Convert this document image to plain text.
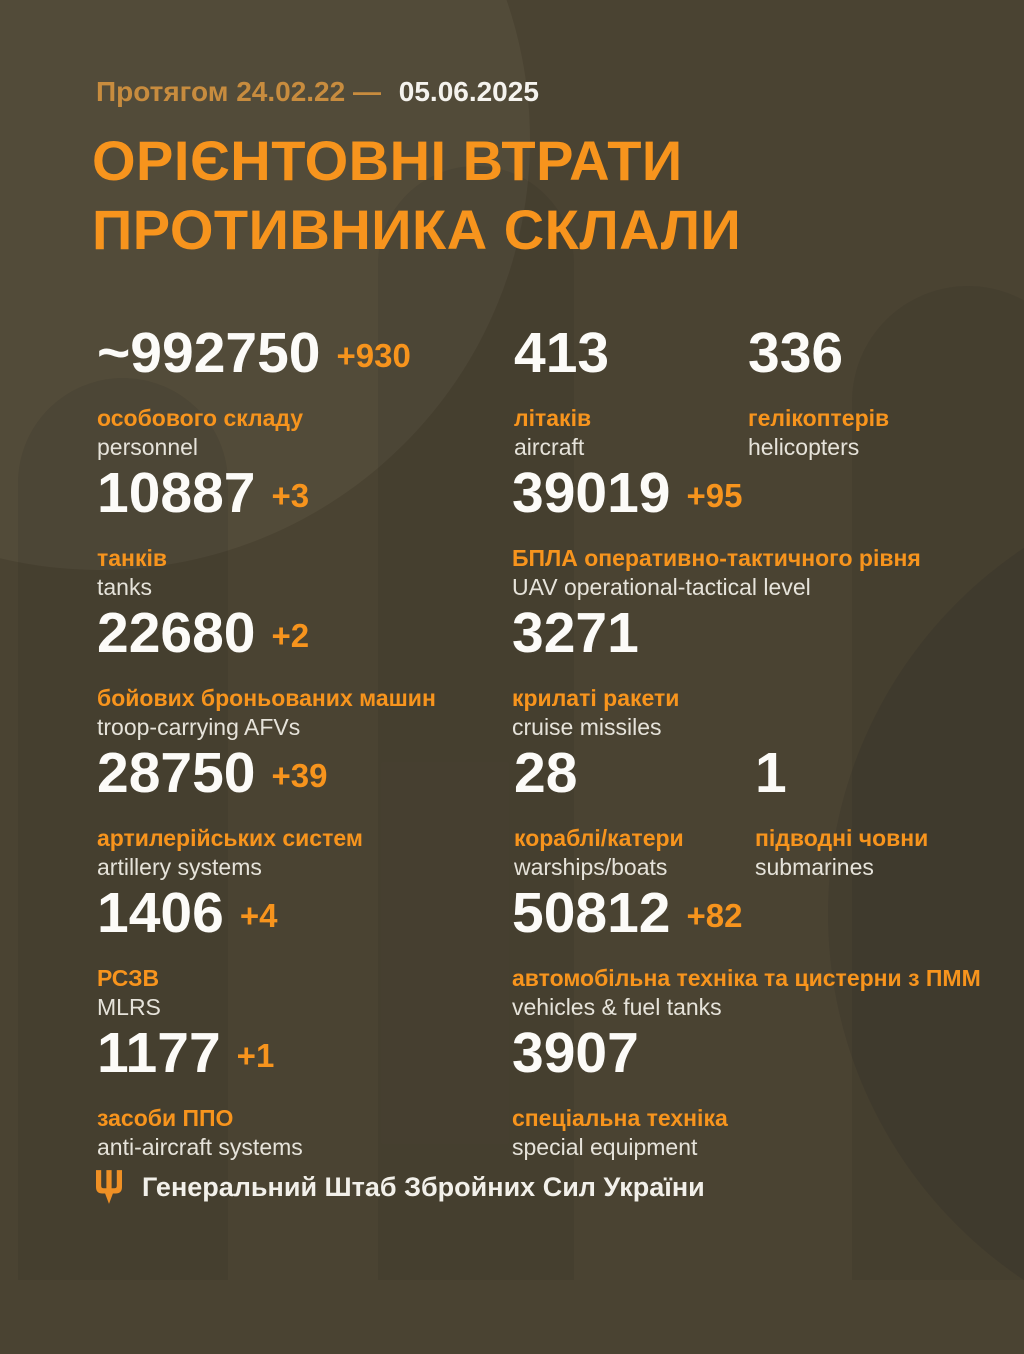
Протягом 24.02.22 — 05.06.2025
ОРІЄНТОВНІ ВТРАТИ
ПРОТИВНИКА СКЛАЛИ
~992750 +930
особового складу
personnel
413
літаків
aircraft
336
гелікоптерів
helicopters
10887 +3
танків
tanks
39019 +95
БПЛА оперативно-тактичного рівня
UAV operational-tactical level
22680 +2
бойових броньованих машин
troop-carrying AFVs
3271
крилаті ракети
cruise missiles
28750 +39
артилерійських систем
artillery systems
28
кораблі/катери
warships/boats
1
підводні човни
submarines
1406 +4
РСЗВ
MLRS
50812 +82
автомобільна техніка та цистерни з ПММ
vehicles & fuel tanks
1177 +1
засоби ППО
anti-aircraft systems
3907
спеціальна техніка
special equipment
Генеральний Штаб Збройних Сил України
